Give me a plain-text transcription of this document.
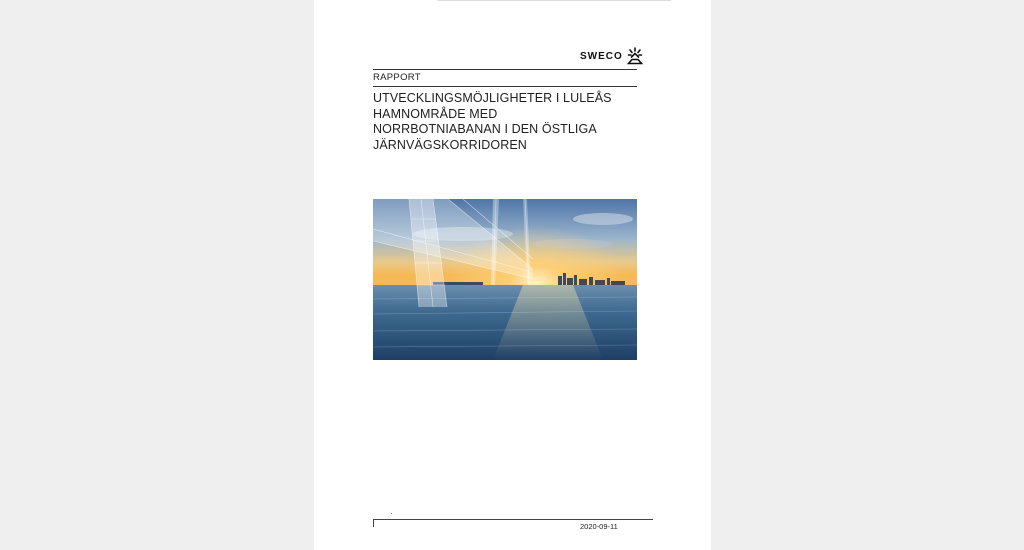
SWECO
RAPPORT
UTVECKLINGSMÖJLIGHETER I LULEÅS
HAMNOMRÅDE MED
NORRBOTNIABANAN I DEN ÖSTLIGA
JÄRNVÄGSKORRIDOREN
2020-09-11
